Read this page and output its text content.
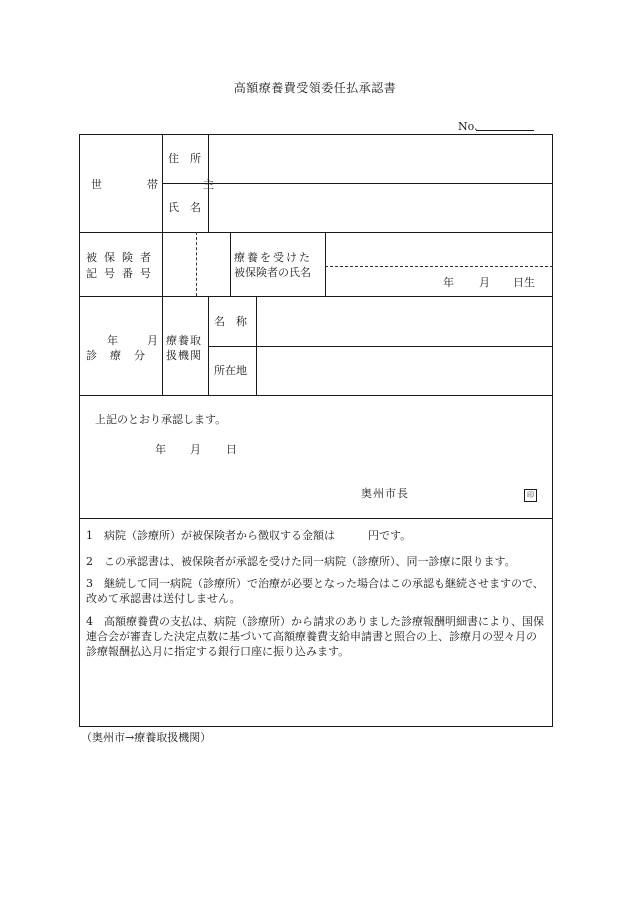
高額療養費受領委任払承認書
No.
世　帯　主
住　所
氏　名
被保険者
記号番号
療養を受けた
被保険者の氏名
年 月 日生
年	月
診　療　分
療養取
扱機関
名　称
所在地
上記のとおり承認します。
年 月 日
奥州市長	印
1　病院（診療所）が被保険者から徴収する金額は　　　円です。
2　この承認書は、被保険者が承認を受けた同一病院（診療所）、同一診療に限ります。
3　継続して同一病院（診療所）で治療が必要となった場合はこの承認も継続させますので、改めて承認書は送付しません。
4　高額療養費の支払は、病院（診療所）から請求のありました診療報酬明細書により、国保連合会が審査した決定点数に基づいて高額療養費支給申請書と照合の上、診療月の翌々月の診療報酬払込月に指定する銀行口座に振り込みます。
（奥州市→療養取扱機関）
